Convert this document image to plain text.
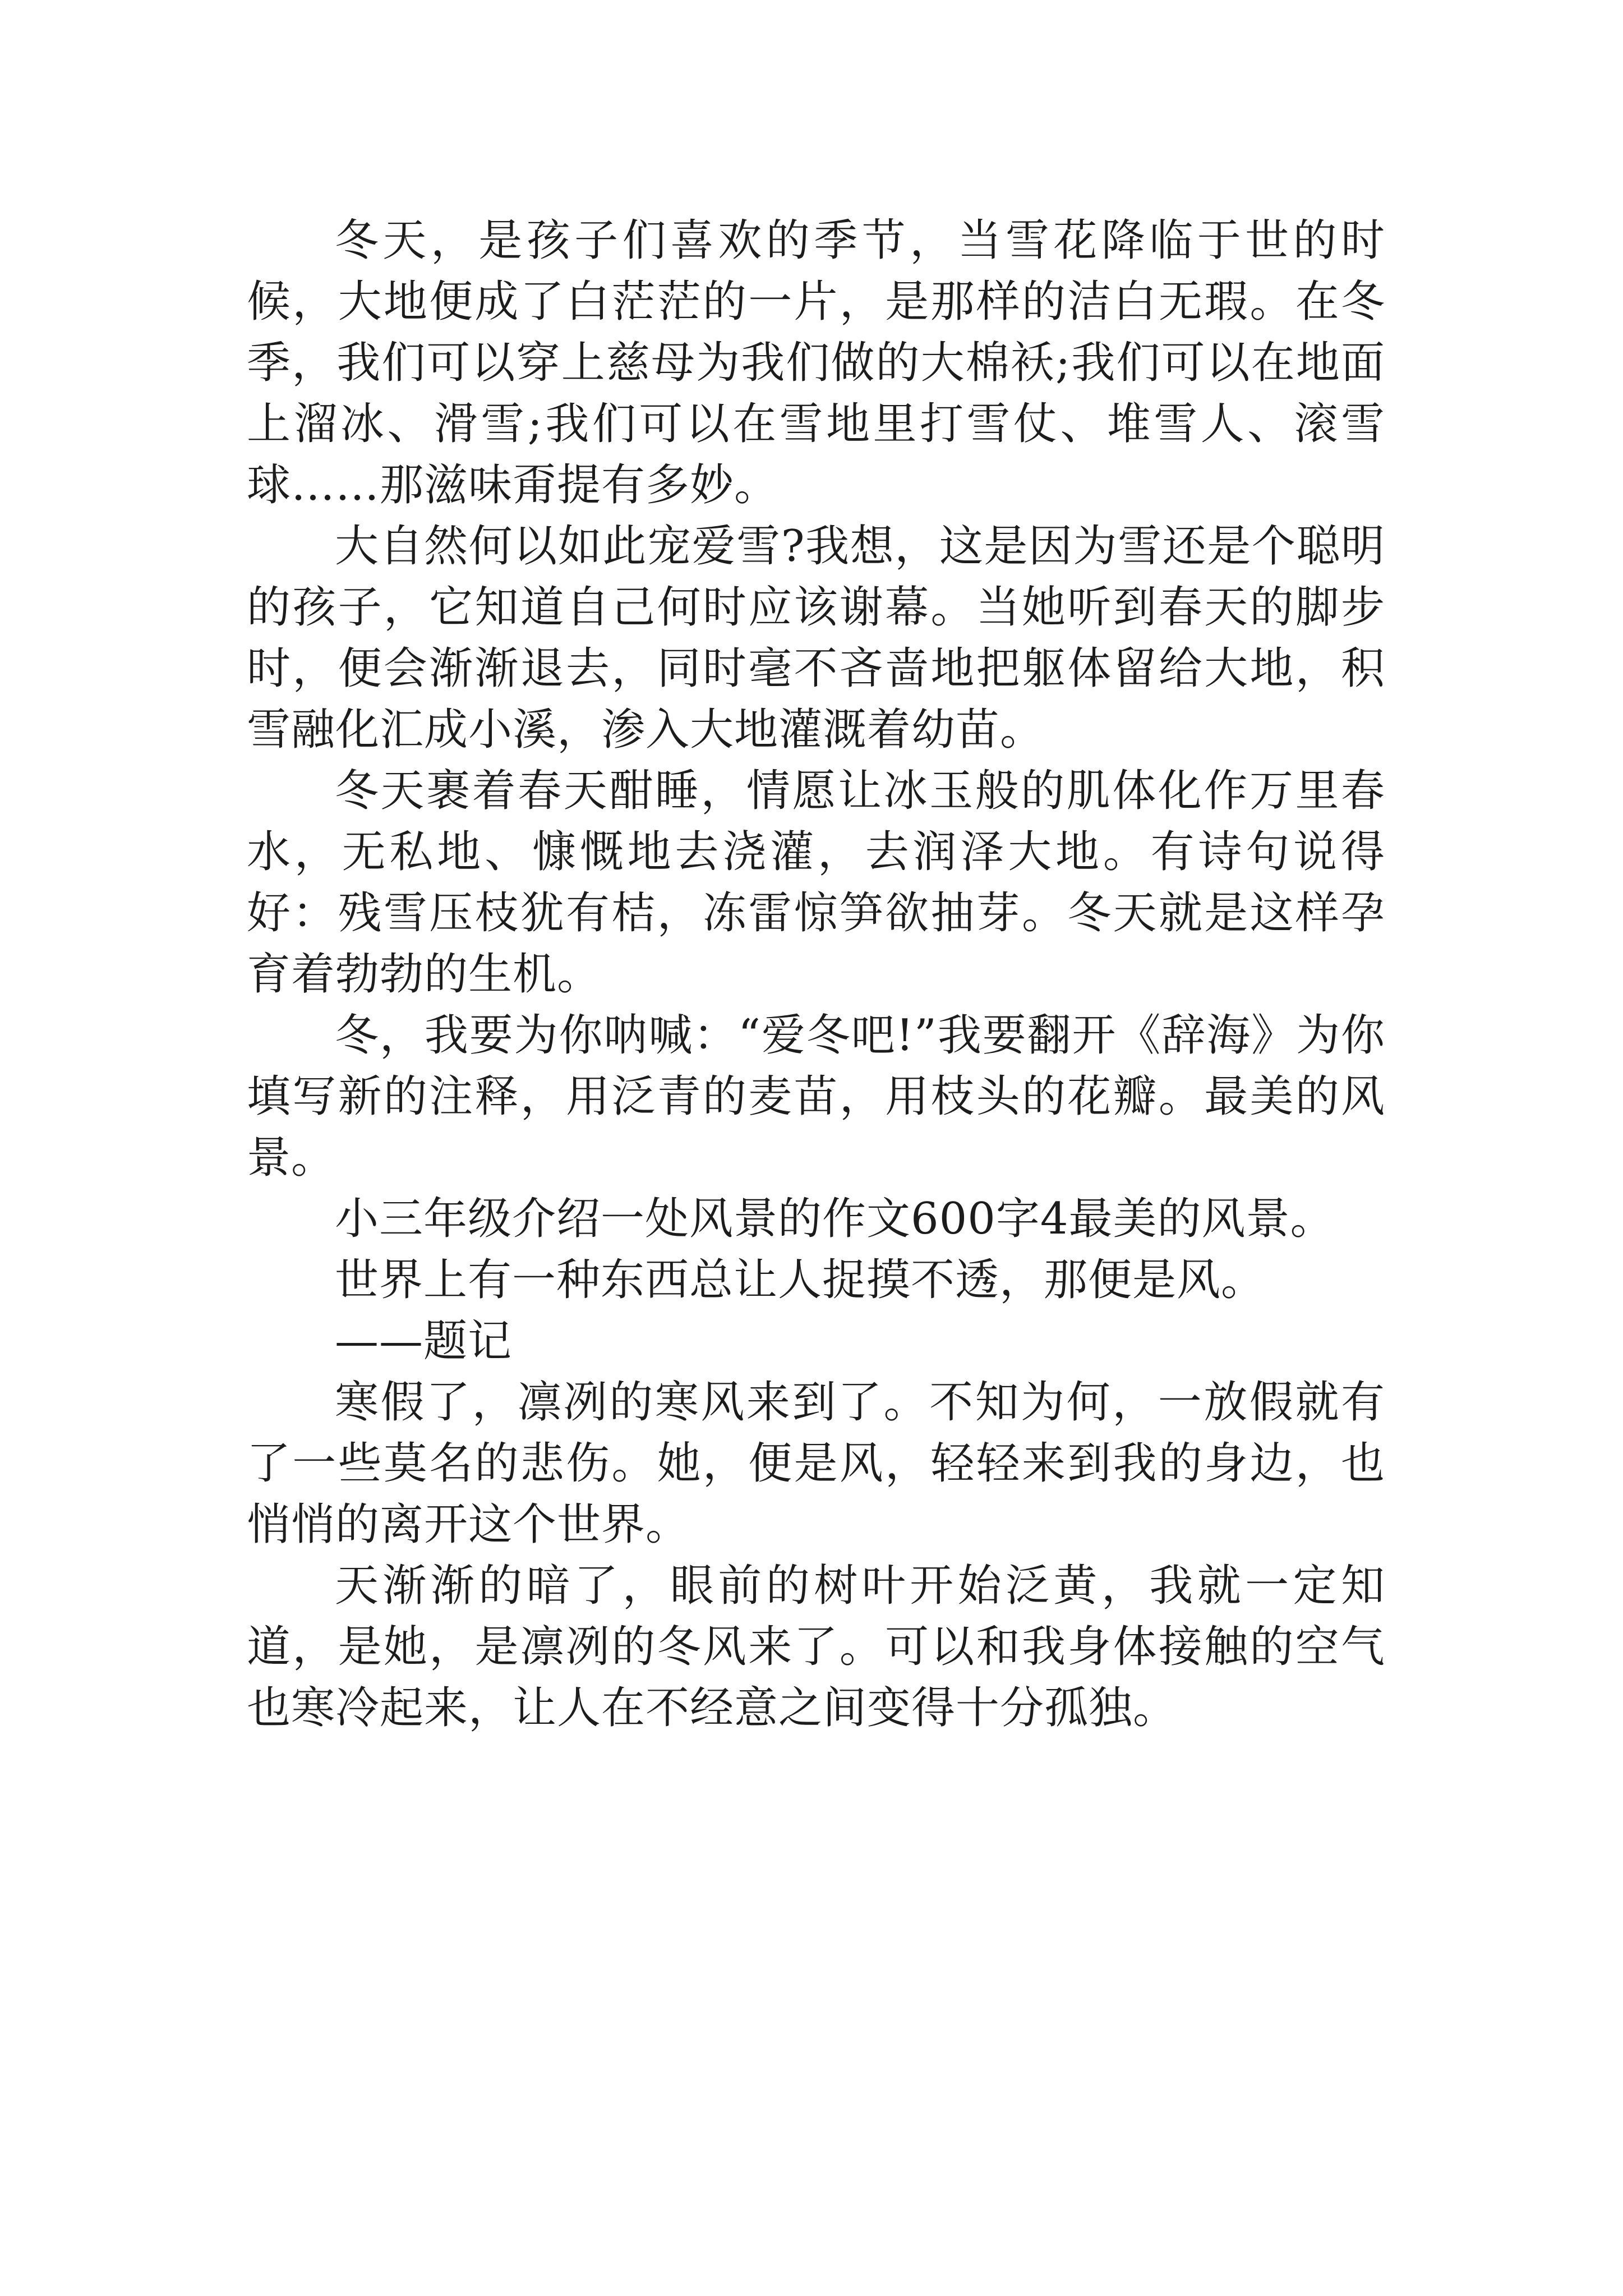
冬天，是孩子们喜欢的季节，当雪花降临于世的时候，大地便成了白茫茫的一片，是那样的洁白无瑕。在冬季，我们可以穿上慈母为我们做的大棉袄;我们可以在地面上溜冰、滑雪;我们可以在雪地里打雪仗、堆雪人、滚雪球……那滋味甭提有多妙。

大自然何以如此宠爱雪?我想，这是因为雪还是个聪明的孩子，它知道自己何时应该谢幕。当她听到春天的脚步时，便会渐渐退去，同时毫不吝啬地把躯体留给大地，积雪融化汇成小溪，渗入大地灌溉着幼苗。

冬天裹着春天酣睡，情愿让冰玉般的肌体化作万里春水，无私地、慷慨地去浇灌，去润泽大地。有诗句说得好：残雪压枝犹有桔，冻雷惊笋欲抽芽。冬天就是这样孕育着勃勃的生机。

冬，我要为你呐喊：“爱冬吧!”我要翻开《辞海》为你填写新的注释，用泛青的麦苗，用枝头的花瓣。最美的风景。

小三年级介绍一处风景的作文600字4最美的风景。

世界上有一种东西总让人捉摸不透，那便是风。

——题记

寒假了，凛冽的寒风来到了。不知为何，一放假就有了一些莫名的悲伤。她，便是风，轻轻来到我的身边，也悄悄的离开这个世界。

天渐渐的暗了，眼前的树叶开始泛黄，我就一定知道，是她，是凛冽的冬风来了。可以和我身体接触的空气也寒冷起来，让人在不经意之间变得十分孤独。
